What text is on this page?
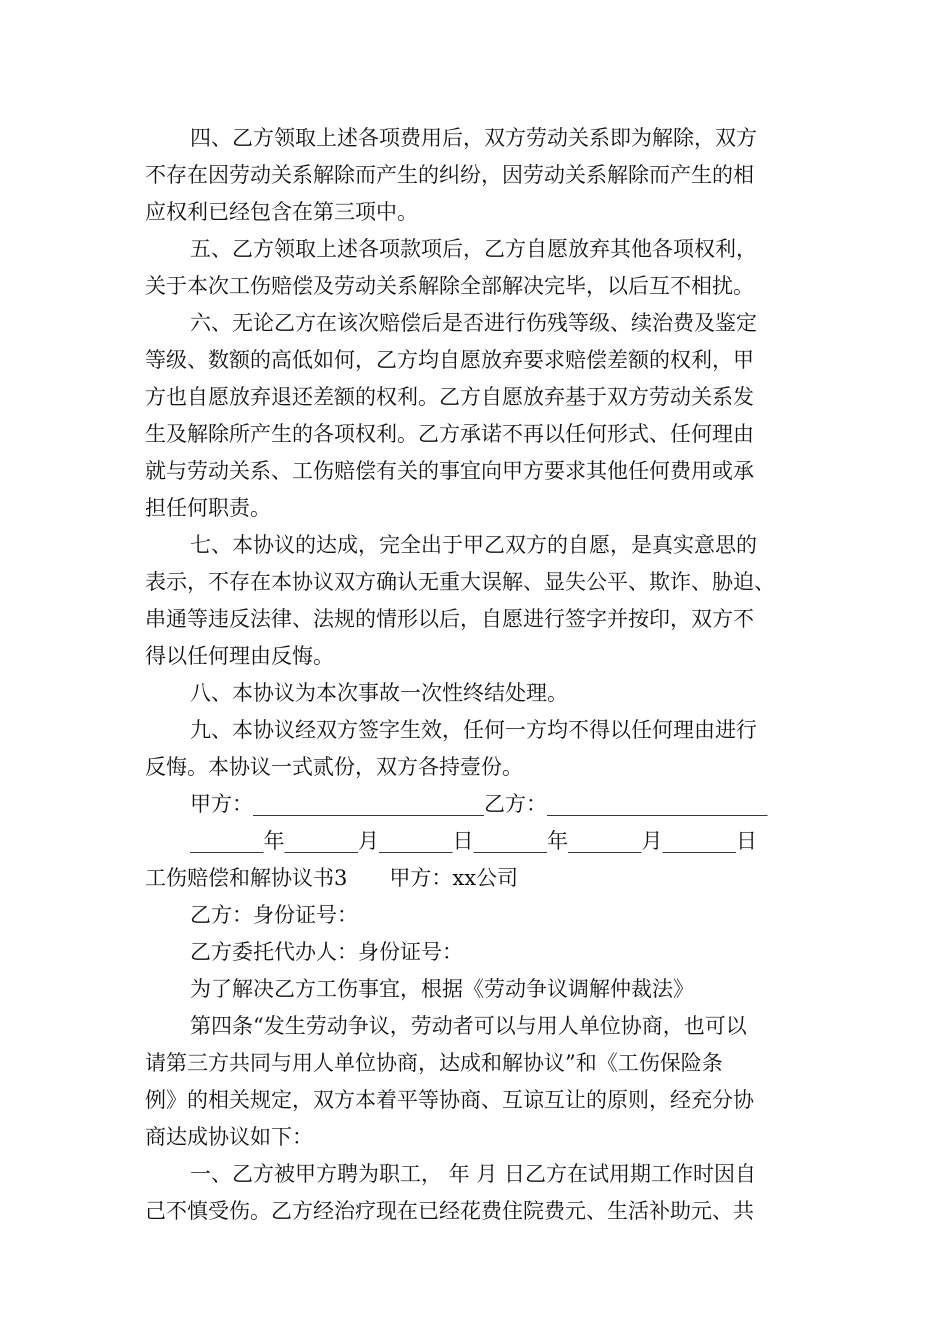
四、乙方领取上述各项费用后，双方劳动关系即为解除，双方
不存在因劳动关系解除而产生的纠纷，因劳动关系解除而产生的相
应权利已经包含在第三项中。
五、乙方领取上述各项款项后，乙方自愿放弃其他各项权利，
关于本次工伤赔偿及劳动关系解除全部解决完毕，以后互不相扰。
六、无论乙方在该次赔偿后是否进行伤残等级、续治费及鉴定
等级、数额的高低如何，乙方均自愿放弃要求赔偿差额的权利，甲
方也自愿放弃退还差额的权利。乙方自愿放弃基于双方劳动关系发
生及解除所产生的各项权利。乙方承诺不再以任何形式、任何理由
就与劳动关系、工伤赔偿有关的事宜向甲方要求其他任何费用或承
担任何职责。
七、本协议的达成，完全出于甲乙双方的自愿，是真实意思的
表示，不存在本协议双方确认无重大误解、显失公平、欺诈、胁迫、
串通等违反法律、法规的情形以后，自愿进行签字并按印，双方不
得以任何理由反悔。
八、本协议为本次事故一次性终结处理。
九、本协议经双方签字生效，任何一方均不得以任何理由进行
反悔。本协议一式贰份，双方各持壹份。
甲方：______________________乙方：_____________________
_______年_______月_______日_______年_______月_______日
工伤赔偿和解协议书3　　甲方：xx公司
乙方：身份证号：
乙方委托代办人：身份证号：
为了解决乙方工伤事宜，根据《劳动争议调解仲裁法》
第四条“发生劳动争议，劳动者可以与用人单位协商，也可以
请第三方共同与用人单位协商，达成和解协议”和《工伤保险条
例》的相关规定，双方本着平等协商、互谅互让的原则，经充分协
商达成协议如下：
一、乙方被甲方聘为职工， 年 月 日乙方在试用期工作时因自
己不慎受伤。乙方经治疗现在已经花费住院费元、生活补助元、共
